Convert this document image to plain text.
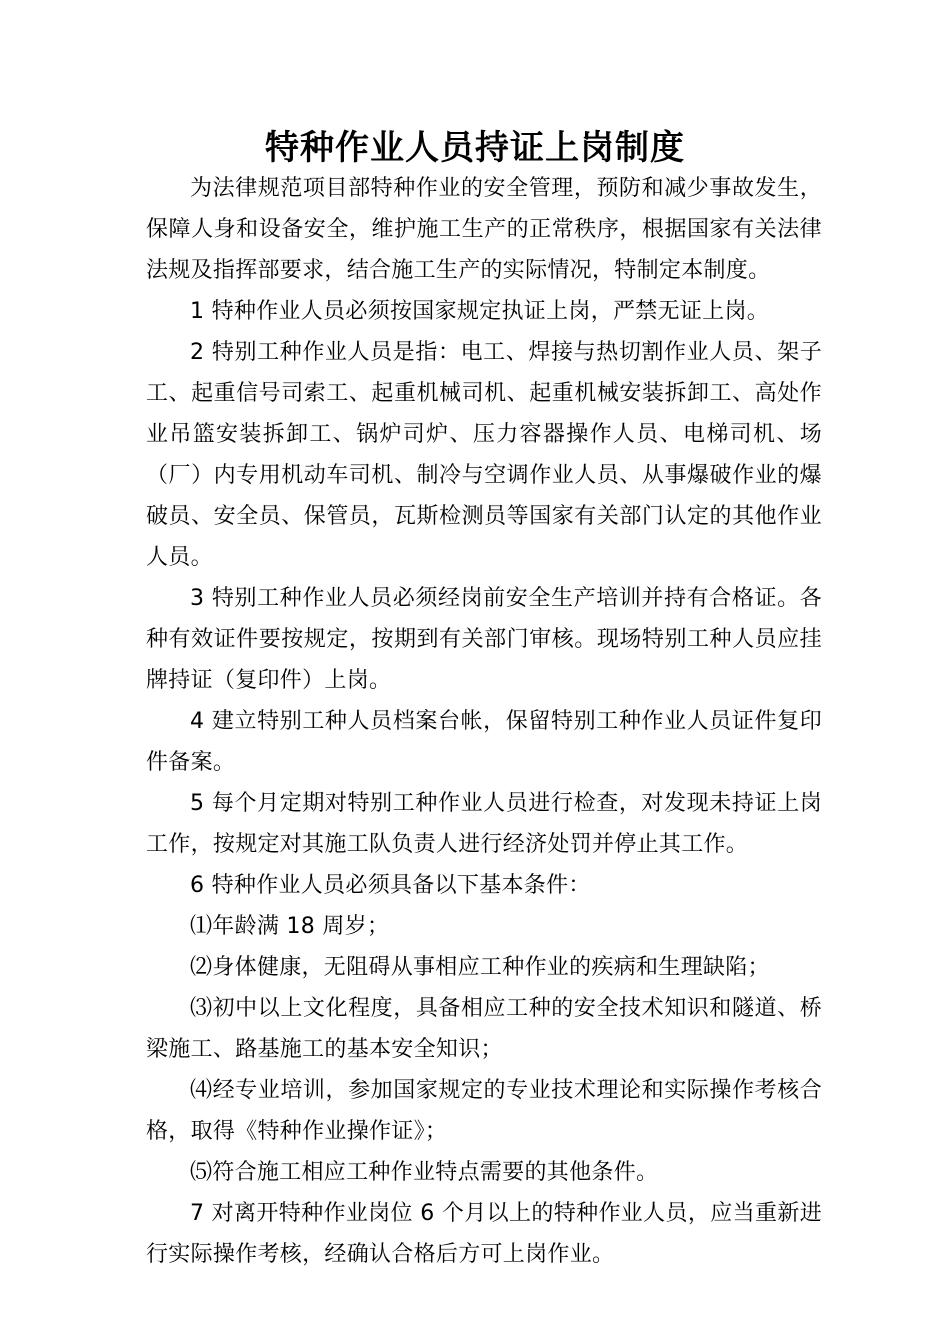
特种作业人员持证上岗制度

为法律规范项目部特种作业的安全管理，预防和减少事故发生，保障人身和设备安全，维护施工生产的正常秩序，根据国家有关法律法规及指挥部要求，结合施工生产的实际情况，特制定本制度。

1 特种作业人员必须按国家规定执证上岗，严禁无证上岗。

2 特别工种作业人员是指：电工、焊接与热切割作业人员、架子工、起重信号司索工、起重机械司机、起重机械安装拆卸工、高处作业吊篮安装拆卸工、锅炉司炉、压力容器操作人员、电梯司机、场（厂）内专用机动车司机、制冷与空调作业人员、从事爆破作业的爆破员、安全员、保管员，瓦斯检测员等国家有关部门认定的其他作业人员。

3 特别工种作业人员必须经岗前安全生产培训并持有合格证。各种有效证件要按规定，按期到有关部门审核。现场特别工种人员应挂牌持证（复印件）上岗。

4 建立特别工种人员档案台帐，保留特别工种作业人员证件复印件备案。

5 每个月定期对特别工种作业人员进行检查，对发现未持证上岗工作，按规定对其施工队负责人进行经济处罚并停止其工作。

6 特种作业人员必须具备以下基本条件：

⑴年龄满 18 周岁；

⑵身体健康，无阻碍从事相应工种作业的疾病和生理缺陷；

⑶初中以上文化程度，具备相应工种的安全技术知识和隧道、桥梁施工、路基施工的基本安全知识；

⑷经专业培训，参加国家规定的专业技术理论和实际操作考核合格，取得《特种作业操作证》；

⑸符合施工相应工种作业特点需要的其他条件。

7 对离开特种作业岗位 6 个月以上的特种作业人员，应当重新进行实际操作考核，经确认合格后方可上岗作业。
